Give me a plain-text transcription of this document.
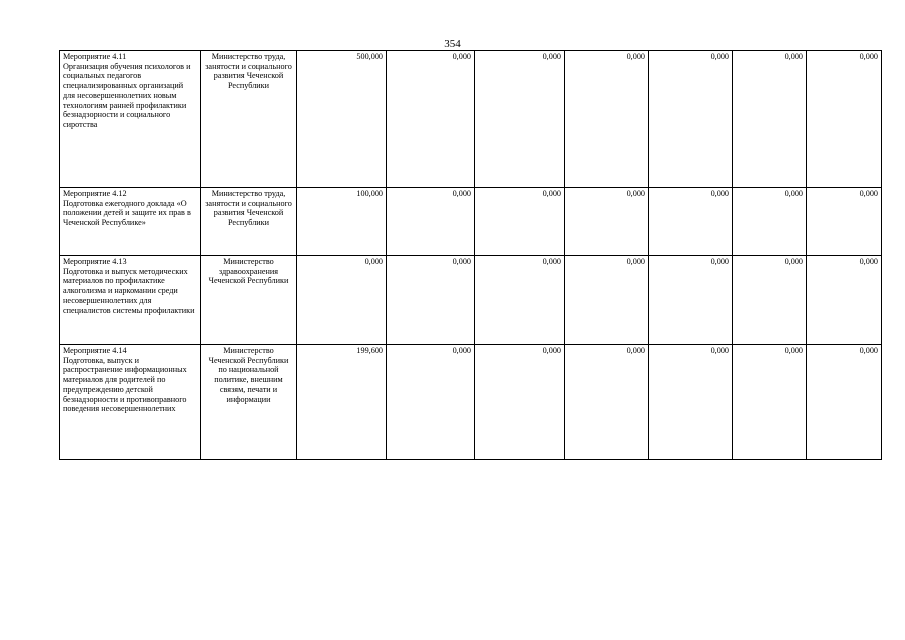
354
Мероприятие 4.11
Организация обучения психологов и социальных педагогов специализированных организаций для несовершеннолетних новым технологиям ранней профилактики безнадзорности и социального сиротства	Министерство труда, занятости и социального развития Чеченской Республики	500,000	0,000	0,000	0,000	0,000	0,000	0,000

Мероприятие 4.12
Подготовка ежегодного доклада «О положении детей и защите их прав в Чеченской Республике»	Министерство труда, занятости и социального развития Чеченской Республики	100,000	0,000	0,000	0,000	0,000	0,000	0,000

Мероприятие 4.13
Подготовка и выпуск методических материалов по профилактике алкоголизма и наркомании среди несовершеннолетних для специалистов системы профилактики	Министерство здравоохранения Чеченской Республики	0,000	0,000	0,000	0,000	0,000	0,000	0,000

Мероприятие 4.14
Подготовка, выпуск и распространение информационных материалов для родителей по предупреждению детской безнадзорности и противоправного поведения несовершеннолетних	Министерство Чеченской Республики по национальной политике, внешним связям, печати и информации	199,600	0,000	0,000	0,000	0,000	0,000	0,000
